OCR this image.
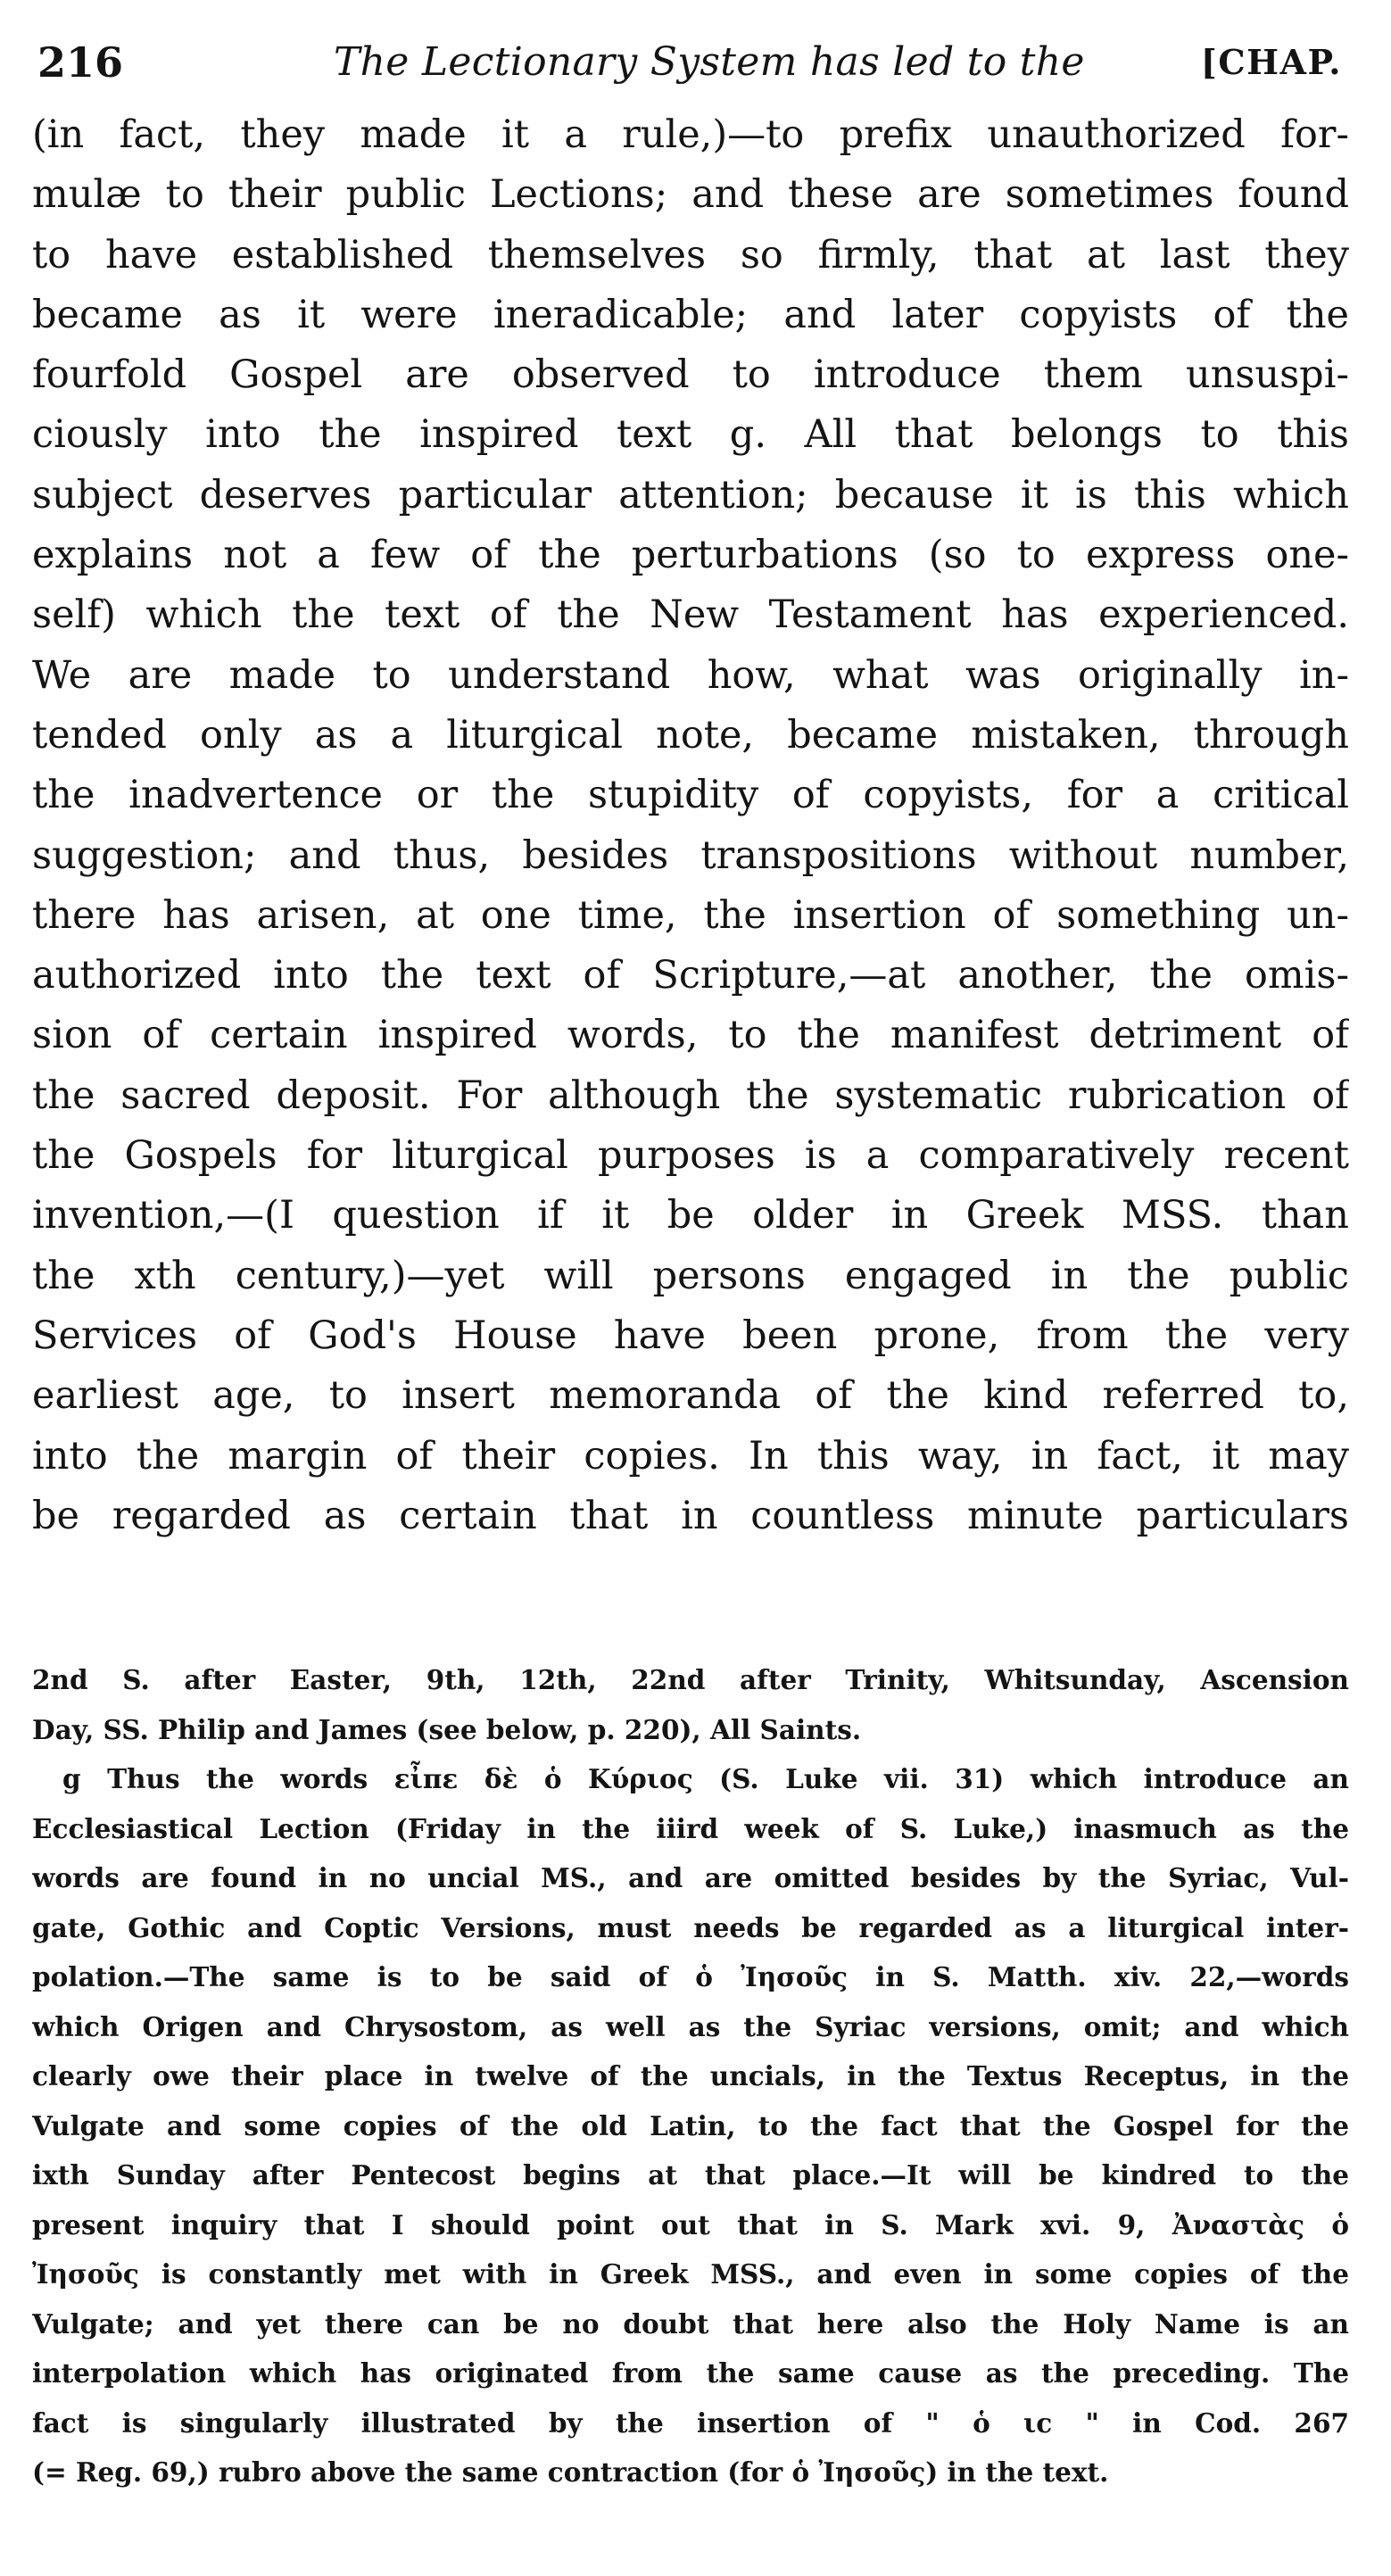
216	The Lectionary System has led to the	[CHAP.
(in fact, they made it a rule,)—to prefix unauthorized for-
mulæ to their public Lections; and these are sometimes found
to have established themselves so firmly, that at last they
became as it were ineradicable; and later copyists of the
fourfold Gospel are observed to introduce them unsuspi-
ciously into the inspired text g. All that belongs to this
subject deserves particular attention; because it is this which
explains not a few of the perturbations (so to express one-
self) which the text of the New Testament has experienced.
We are made to understand how, what was originally in-
tended only as a liturgical note, became mistaken, through
the inadvertence or the stupidity of copyists, for a critical
suggestion; and thus, besides transpositions without number,
there has arisen, at one time, the insertion of something un-
authorized into the text of Scripture,—at another, the omis-
sion of certain inspired words, to the manifest detriment of
the sacred deposit. For although the systematic rubrication of
the Gospels for liturgical purposes is a comparatively recent
invention,—(I question if it be older in Greek MSS. than
the xth century,)—yet will persons engaged in the public
Services of God's House have been prone, from the very
earliest age, to insert memoranda of the kind referred to,
into the margin of their copies. In this way, in fact, it may
be regarded as certain that in countless minute particulars
2nd S. after Easter, 9th, 12th, 22nd after Trinity, Whitsunday, Ascension
Day, SS. Philip and James (see below, p. 220), All Saints.
g Thus the words εἶπε δὲ ὁ Κύριος (S. Luke vii. 31) which introduce an
Ecclesiastical Lection (Friday in the iiird week of S. Luke,) inasmuch as the
words are found in no uncial MS., and are omitted besides by the Syriac, Vul-
gate, Gothic and Coptic Versions, must needs be regarded as a liturgical inter-
polation.—The same is to be said of ὁ Ἰησοῦς in S. Matth. xiv. 22,—words
which Origen and Chrysostom, as well as the Syriac versions, omit; and which
clearly owe their place in twelve of the uncials, in the Textus Receptus, in the
Vulgate and some copies of the old Latin, to the fact that the Gospel for the
ixth Sunday after Pentecost begins at that place.—It will be kindred to the
present inquiry that I should point out that in S. Mark xvi. 9, Ἀναστὰς ὁ
Ἰησοῦς is constantly met with in Greek MSS., and even in some copies of the
Vulgate; and yet there can be no doubt that here also the Holy Name is an
interpolation which has originated from the same cause as the preceding. The
fact is singularly illustrated by the insertion of " ὁ ιϲ " in Cod. 267
(= Reg. 69,) rubro above the same contraction (for ὁ Ἰησοῦς) in the text.
